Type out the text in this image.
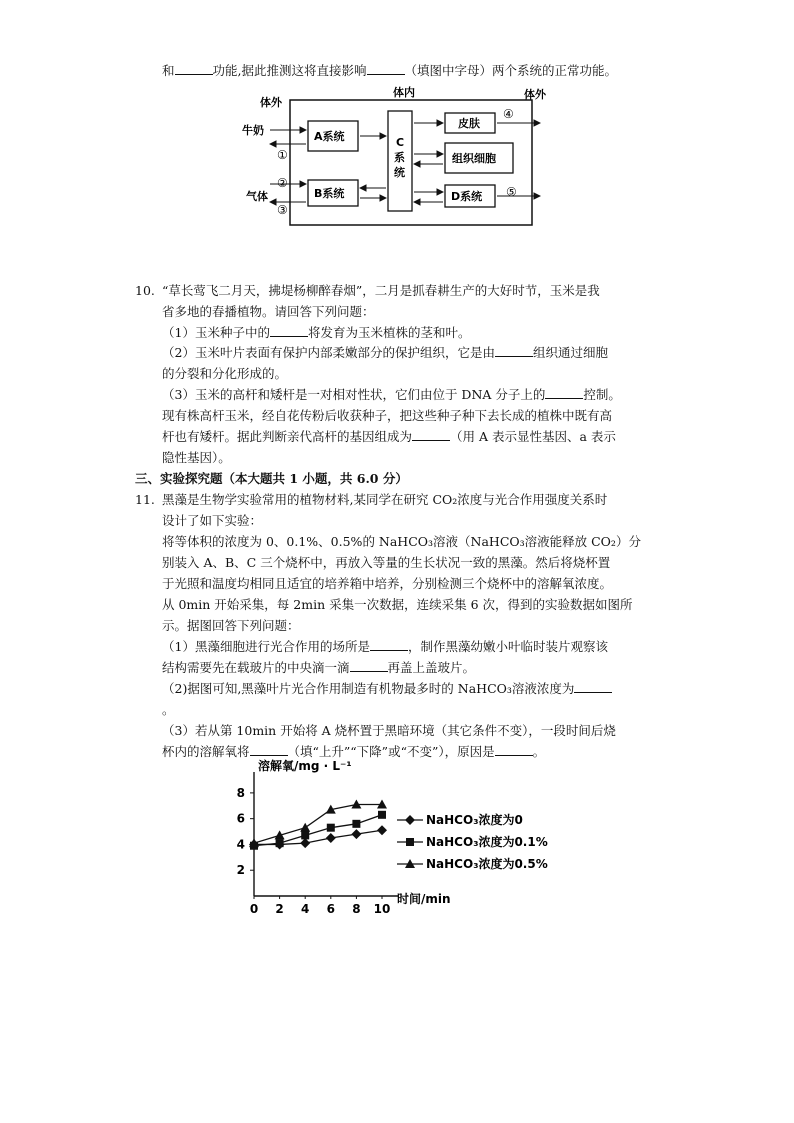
和	功能,据此推测这将直接影响	（填图中字母）两个系统的正常功能。
体外
体内	体外
A系统
B系统
C 系 统
皮肤
组织细胞
D系统
牛奶
气体
①
②
③
④
⑤
10. “草长莺飞二月天，拂堤杨柳醉春烟”，二月是抓春耕生产的大好时节，玉米是我
省多地的春播植物。请回答下列问题：
（1）玉米种子中的	将发育为玉米植株的茎和叶。
（2）玉米叶片表面有保护内部柔嫩部分的保护组织，它是由	组织通过细胞
的分裂和分化形成的。
（3）玉米的高杆和矮杆是一对相对性状，它们由位于 DNA 分子上的	控制。
现有株高杆玉米，经自花传粉后收获种子，把这些种子种下去长成的植株中既有高
杆也有矮杆。据此判断亲代高杆的基因组成为	（用 A 表示显性基因、a 表示
隐性基因）。
三、实验探究题（本大题共 1 小题，共 6.0 分）
11. 黑藻是生物学实验常用的植物材料,某同学在研究 CO₂浓度与光合作用强度关系时
设计了如下实验：
将等体积的浓度为 0、0.1%、0.5%的 NaHCO₃溶液（NaHCO₃溶液能释放 CO₂）分
别装入 A、B、C 三个烧杯中，再放入等量的生长状况一致的黑藻。然后将烧杯置
于光照和温度均相同且适宜的培养箱中培养，分别检测三个烧杯中的溶解氧浓度。
从 0min 开始采集，每 2min 采集一次数据，连续采集 6 次，得到的实验数据如图所
示。据图回答下列问题：
（1）黑藻细胞进行光合作用的场所是	，制作黑藻幼嫩小叶临时装片观察该
结构需要先在载玻片的中央滴一滴	再盖上盖玻片。
（2)据图可知,黑藻叶片光合作用制造有机物最多时的 NaHCO₃溶液浓度为
。
（3）若从第 10min 开始将 A 烧杯置于黑暗环境（其它条件不变），一段时间后烧
杯内的溶解氧将	（填“上升”“下降”或“不变”），原因是	。
溶解氧/mg · L⁻¹
时间/min
2
4
6
8
0 2 4 6 8 10
NaHCO₃浓度为0
NaHCO₃浓度为0.1%
NaHCO₃浓度为0.5%
